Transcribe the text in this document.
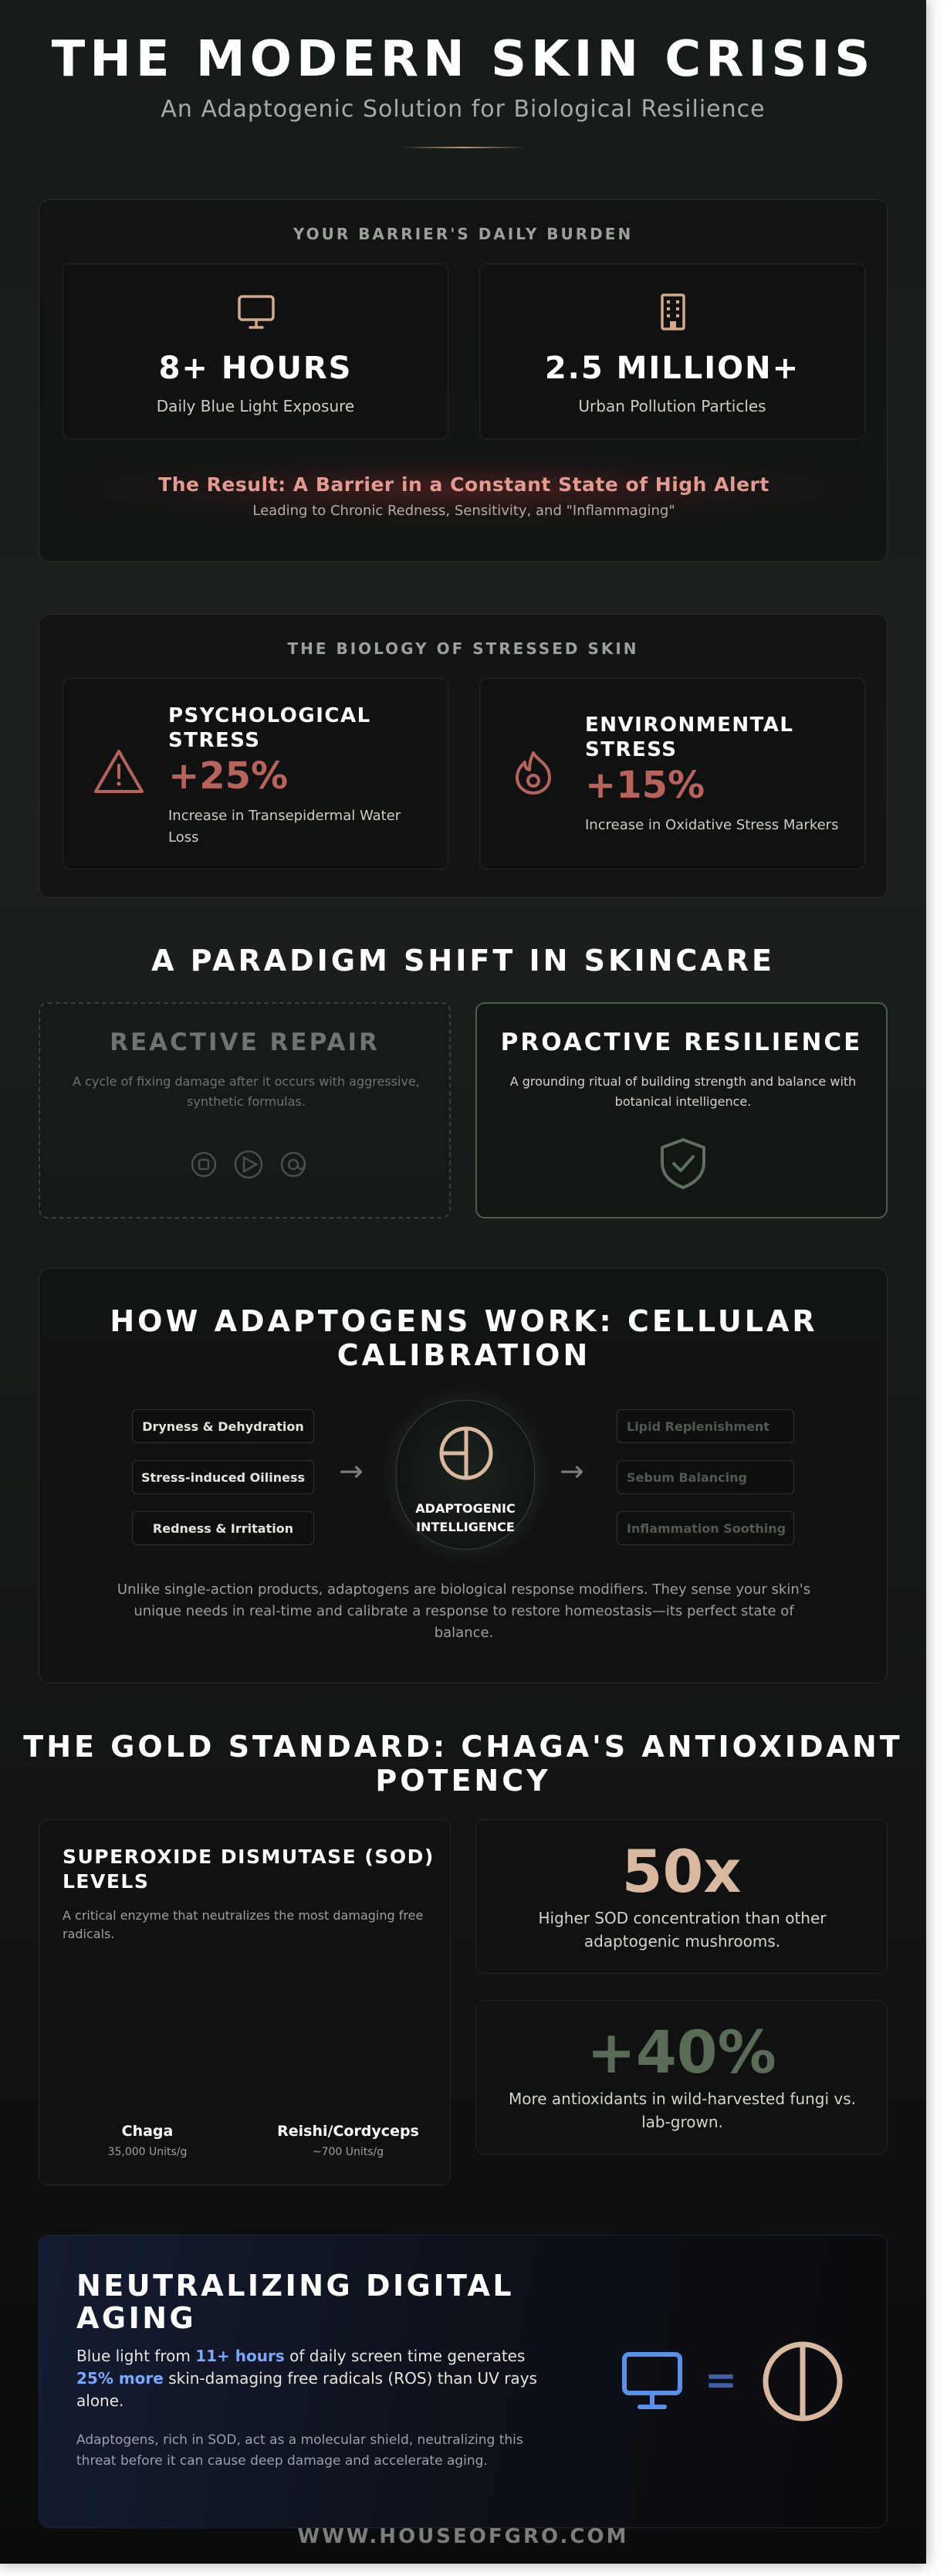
THE MODERN SKIN CRISIS
An Adaptogenic Solution for Biological Resilience
YOUR BARRIER'S DAILY BURDEN
8+ HOURS
Daily Blue Light Exposure
2.5 MILLION+
Urban Pollution Particles
The Result: A Barrier in a Constant State of High Alert
Leading to Chronic Redness, Sensitivity, and "Inflammaging"
THE BIOLOGY OF STRESSED SKIN
PSYCHOLOGICAL
STRESS
+25%
Increase in Transepidermal Water Loss
ENVIRONMENTAL
STRESS
+15%
Increase in Oxidative Stress Markers
A PARADIGM SHIFT IN SKINCARE
REACTIVE REPAIR
A cycle of fixing damage after it occurs with aggressive, synthetic formulas.
PROACTIVE RESILIENCE
A grounding ritual of building strength and balance with botanical intelligence.
HOW ADAPTOGENS WORK: CELLULAR
CALIBRATION
Dryness & Dehydration
Stress-induced Oiliness
Redness & Irritation
→
ADAPTOGENIC
INTELLIGENCE
→
Lipid Replenishment
Sebum Balancing
Inflammation Soothing
Unlike single-action products, adaptogens are biological response modifiers. They sense your skin's unique needs in real-time and calibrate a response to restore homeostasis—its perfect state of balance.
THE GOLD STANDARD: CHAGA'S ANTIOXIDANT
POTENCY
SUPEROXIDE DISMUTASE (SOD)
LEVELS
A critical enzyme that neutralizes the most damaging free radicals.
Chaga
35,000 Units/g
Reishi/Cordyceps
~700 Units/g
50x
Higher SOD concentration than other adaptogenic mushrooms.
+40%
More antioxidants in wild-harvested fungi vs. lab-grown.
NEUTRALIZING DIGITAL
AGING
Blue light from 11+ hours of daily screen time generates 25% more skin-damaging free radicals (ROS) than UV rays alone.
Adaptogens, rich in SOD, act as a molecular shield, neutralizing this threat before it can cause deep damage and accelerate aging.
=
WWW.HOUSEOFGRO.COM
